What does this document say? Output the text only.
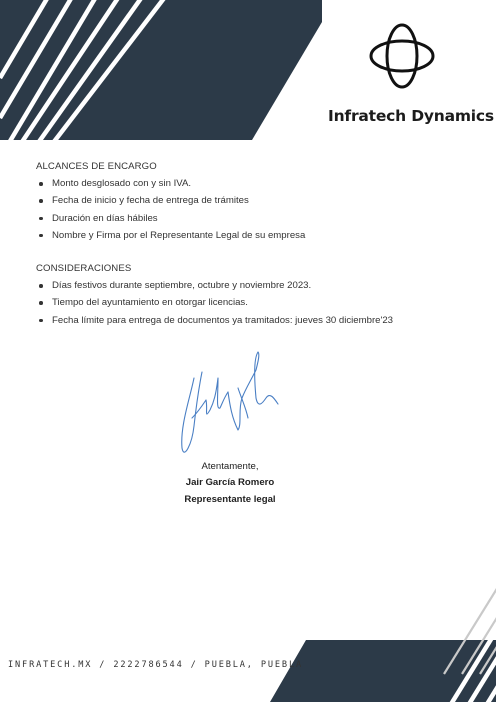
Infratech Dynamics
ALCANCES DE ENCARGO
Monto desglosado con y sin IVA.
Fecha de inicio y fecha de entrega de trámites
Duración en días hábiles
Nombre y Firma por el Representante Legal de su empresa
CONSIDERACIONES
Días festivos durante septiembre, octubre y noviembre 2023.
Tiempo del ayuntamiento en otorgar licencias.
Fecha límite para entrega de documentos ya tramitados: jueves 30 diciembre'23
Atentamente,
Jair García Romero
Representante legal
INFRATECH.MX / 2222786544 / PUEBLA, PUEBLA
